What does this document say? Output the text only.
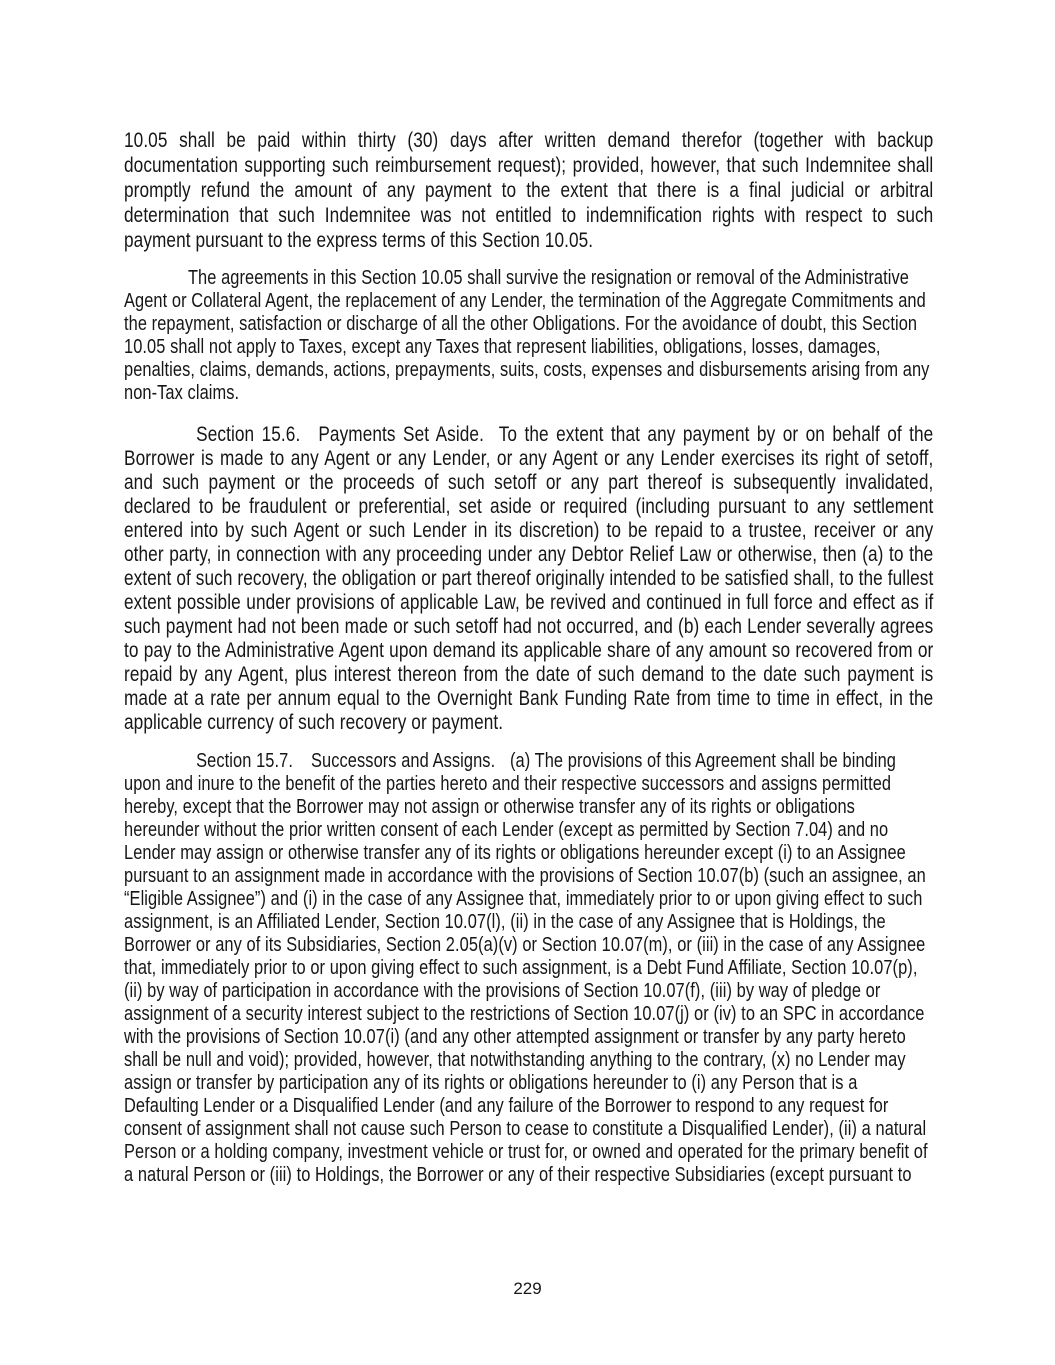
10.05 shall be paid within thirty (30) days after written demand therefor (together with backup documentation supporting such reimbursement request); provided, however, that such Indemnitee shall promptly refund the amount of any payment to the extent that there is a final judicial or arbitral determination that such Indemnitee was not entitled to indemnification rights with respect to such payment pursuant to the express terms of this Section 10.05.

The agreements in this Section 10.05 shall survive the resignation or removal of the Administrative Agent or Collateral Agent, the replacement of any Lender, the termination of the Aggregate Commitments and the repayment, satisfaction or discharge of all the other Obligations. For the avoidance of doubt, this Section 10.05 shall not apply to Taxes, except any Taxes that represent liabilities, obligations, losses, damages, penalties, claims, demands, actions, prepayments, suits, costs, expenses and disbursements arising from any non-Tax claims.

Section 15.6. Payments Set Aside. To the extent that any payment by or on behalf of the Borrower is made to any Agent or any Lender, or any Agent or any Lender exercises its right of setoff, and such payment or the proceeds of such setoff or any part thereof is subsequently invalidated, declared to be fraudulent or preferential, set aside or required (including pursuant to any settlement entered into by such Agent or such Lender in its discretion) to be repaid to a trustee, receiver or any other party, in connection with any proceeding under any Debtor Relief Law or otherwise, then (a) to the extent of such recovery, the obligation or part thereof originally intended to be satisfied shall, to the fullest extent possible under provisions of applicable Law, be revived and continued in full force and effect as if such payment had not been made or such setoff had not occurred, and (b) each Lender severally agrees to pay to the Administrative Agent upon demand its applicable share of any amount so recovered from or repaid by any Agent, plus interest thereon from the date of such demand to the date such payment is made at a rate per annum equal to the Overnight Bank Funding Rate from time to time in effect, in the applicable currency of such recovery or payment.

Section 15.7. Successors and Assigns. (a) The provisions of this Agreement shall be binding upon and inure to the benefit of the parties hereto and their respective successors and assigns permitted hereby, except that the Borrower may not assign or otherwise transfer any of its rights or obligations hereunder without the prior written consent of each Lender (except as permitted by Section 7.04) and no Lender may assign or otherwise transfer any of its rights or obligations hereunder except (i) to an Assignee pursuant to an assignment made in accordance with the provisions of Section 10.07(b) (such an assignee, an “Eligible Assignee”) and (i) in the case of any Assignee that, immediately prior to or upon giving effect to such assignment, is an Affiliated Lender, Section 10.07(l), (ii) in the case of any Assignee that is Holdings, the Borrower or any of its Subsidiaries, Section 2.05(a)(v) or Section 10.07(m), or (iii) in the case of any Assignee that, immediately prior to or upon giving effect to such assignment, is a Debt Fund Affiliate, Section 10.07(p), (ii) by way of participation in accordance with the provisions of Section 10.07(f), (iii) by way of pledge or assignment of a security interest subject to the restrictions of Section 10.07(j) or (iv) to an SPC in accordance with the provisions of Section 10.07(i) (and any other attempted assignment or transfer by any party hereto shall be null and void); provided, however, that notwithstanding anything to the contrary, (x) no Lender may assign or transfer by participation any of its rights or obligations hereunder to (i) any Person that is a Defaulting Lender or a Disqualified Lender (and any failure of the Borrower to respond to any request for consent of assignment shall not cause such Person to cease to constitute a Disqualified Lender), (ii) a natural Person or a holding company, investment vehicle or trust for, or owned and operated for the primary benefit of a natural Person or (iii) to Holdings, the Borrower or any of their respective Subsidiaries (except pursuant to

229
